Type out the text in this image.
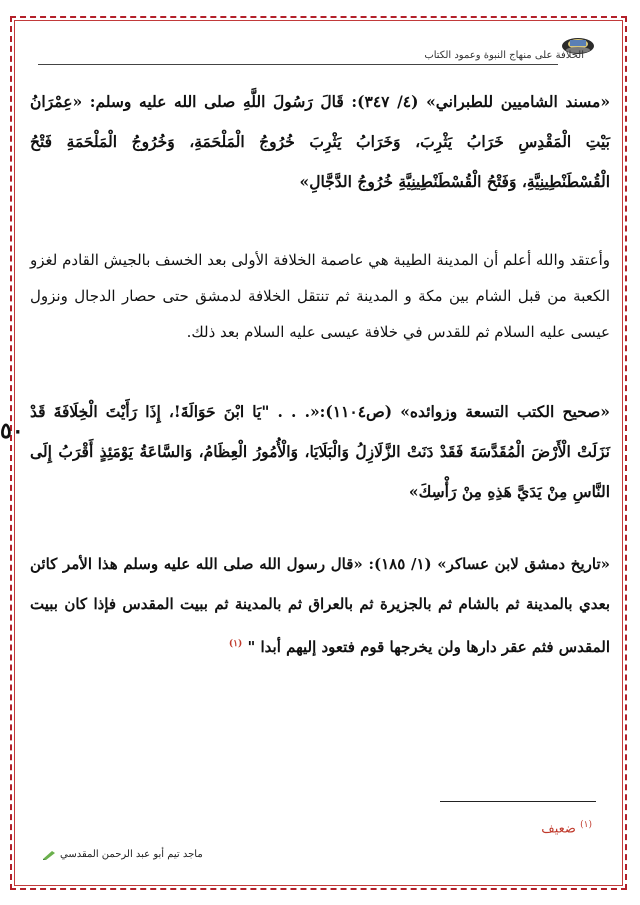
الخلافة على منهاج النبوة وعمود الكتاب
«مسند الشاميين للطبراني» (٤/ ٣٤٧): قَالَ رَسُولَ اللَّهِ صلى الله عليه وسلم: «عِمْرَانُ بَيْتِ الْمَقْدِسِ خَرَابُ يَثْرِبَ، وَخَرَابُ يَثْرِبَ خُرُوجُ الْمَلْحَمَةِ، وَخُرُوجُ الْمَلْحَمَةِ فَتْحُ الْقُسْطَنْطِينِيَّةِ، وَفَتْحُ الْقُسْطَنْطِينِيَّةِ خُرُوجُ الدَّجَّالِ»
وأعتقد والله أعلم أن المدينة الطيبة هي عاصمة الخلافة الأولى بعد الخسف بالجيش القادم لغزو الكعبة من قبل الشام بين مكة و المدينة ثم تنتقل الخلافة لدمشق حتى حصار الدجال ونزول عيسى عليه السلام ثم للقدس في خلافة عيسى عليه السلام بعد ذلك.
«صحيح الكتب التسعة وزوائده» (ص١١٠٤):«. . . "يَا ابْنَ حَوَالَةَ!، إِذَا رَأَيْتَ الْخِلَافَةَ قَدْ نَزَلَتْ الْأَرْضَ الْمُقَدَّسَةَ فَقَدْ دَنَتْ الزَّلَازِلُ وَالْبَلَايَا، وَالْأُمُورُ الْعِظَامُ، وَالسَّاعَةُ يَوْمَئِذٍ أَقْرَبُ إِلَى النَّاسِ مِنْ يَدَيَّ هَذِهِ مِنْ رَأْسِكَ»
٥٠
«تاريخ دمشق لابن عساكر» (١/ ١٨٥): «قال رسول الله صلى الله عليه وسلم هذا الأمر كائن بعدي بالمدينة ثم بالشام ثم بالجزيرة ثم بالعراق ثم بالمدينة ثم ببيت المقدس فإذا كان ببيت المقدس فثم عقر دارها ولن يخرجها قوم فتعود إليهم أبدا " $^{(١)}$
$^{(١)}$ ضعيف
ماجد تيم أبو عبد الرحمن المقدسي
